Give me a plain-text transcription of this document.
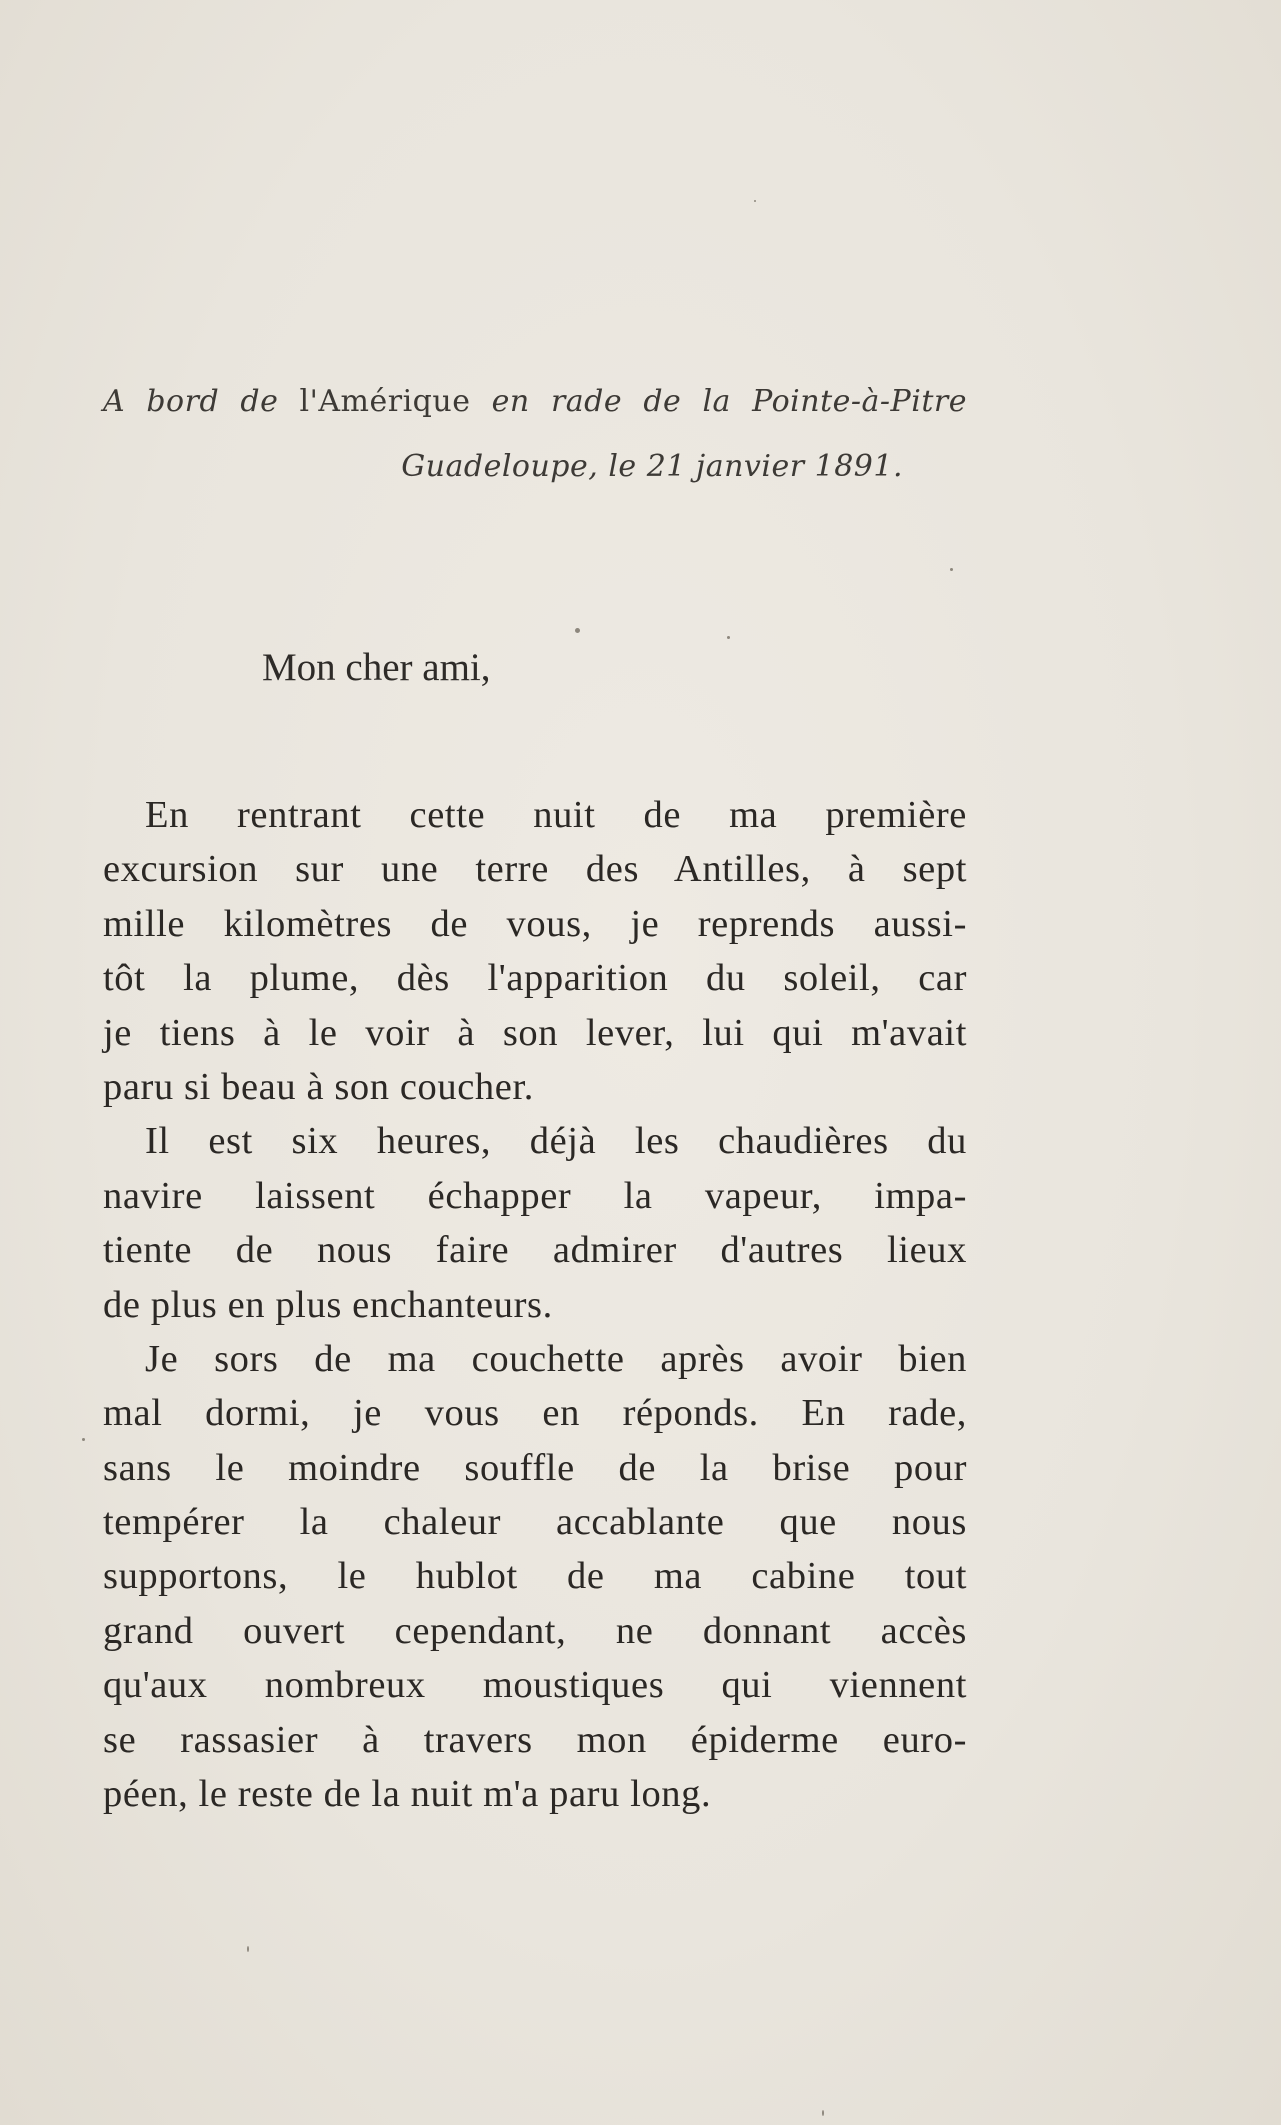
A bord de l'Amérique en rade de la Pointe-à-Pitre
Guadeloupe, le 21 janvier 1891.
Mon cher ami,
En rentrant cette nuit de ma première
excursion sur une terre des Antilles, à sept
mille kilomètres de vous, je reprends aussi-
tôt la plume, dès l'apparition du soleil, car
je tiens à le voir à son lever, lui qui m'avait
paru si beau à son coucher.
Il est six heures, déjà les chaudières du
navire laissent échapper la vapeur, impa-
tiente de nous faire admirer d'autres lieux
de plus en plus enchanteurs.
Je sors de ma couchette après avoir bien
mal dormi, je vous en réponds. En rade,
sans le moindre souffle de la brise pour
tempérer la chaleur accablante que nous
supportons, le hublot de ma cabine tout
grand ouvert cependant, ne donnant accès
qu'aux nombreux moustiques qui viennent
se rassasier à travers mon épiderme euro-
péen, le reste de la nuit m'a paru long.
